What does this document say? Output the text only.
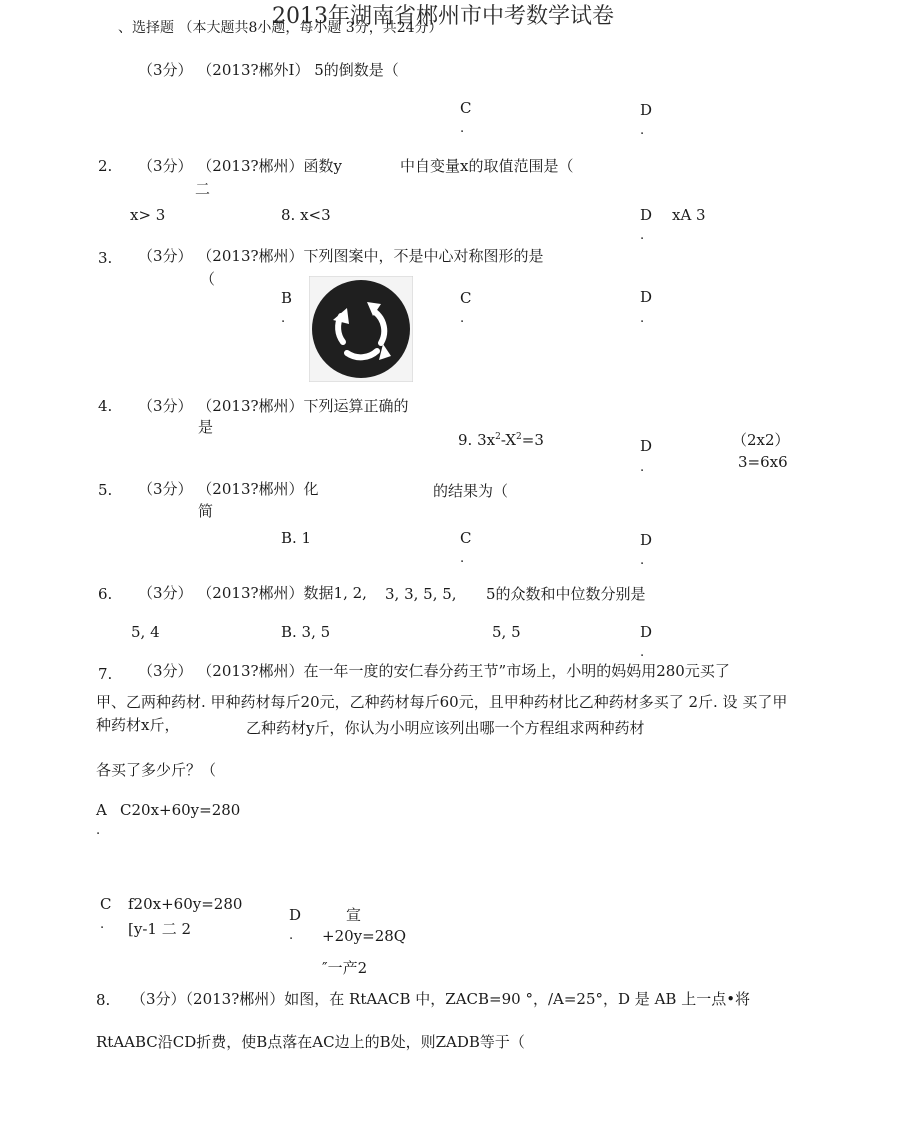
2013年湖南省郴州市中考数学试卷
、选择题 （本大题共8小题，每小题 3分，共24分）
（3分） （2013?郴外I） 5的倒数是（
C
.
D
.
2. （3分） （2013?郴州）函数y	中自变量x的取值范围是（
二
x> 3	8. x<3	D
.
xA 3
3. （3分） （2013?郴州）下列图案中，不是中心对称图形的是
（
B
.
C
.
D
.
4. （3分） （2013?郴州）下列运算正确的
是
9. $3x^2-X^2=3$	D
.
（2x2）
3=6x6
5. （3分） （2013?郴州）化
简
的结果为（
B. 1	C
.
D
.
6. （3分） （2013?郴州）数据1, 2, 3, 3, 5, 5, 5的众数和中位数分别是
5, 4	B. 3, 5	5, 5	D
.
7. （3分） （2013?郴州）在一年一度的安仁春分药王节”市场上，小明的妈妈用280元买了
甲、乙两种药材. 甲种药材每斤20元，乙种药材每斤60元，且甲种药材比乙种药材多买了 2斤. 设 买了甲
种药材x斤，	乙种药材y斤，你认为小明应该列出哪一个方程组求两种药材
各买了多少斤？（
A
.
C20x+60y=280
C
.
f20x+60y=280
[y-1 二 2
D
.
宣
+20y=28Q
″一产2
8. （3分）（2013?郴州）如图，在 RtAACB 中，ZACB=90 °，/A=25°，D 是 AB 上一点•将
RtAABC沿CD折费，使B点落在AC边上的B处，则ZADB等于（
